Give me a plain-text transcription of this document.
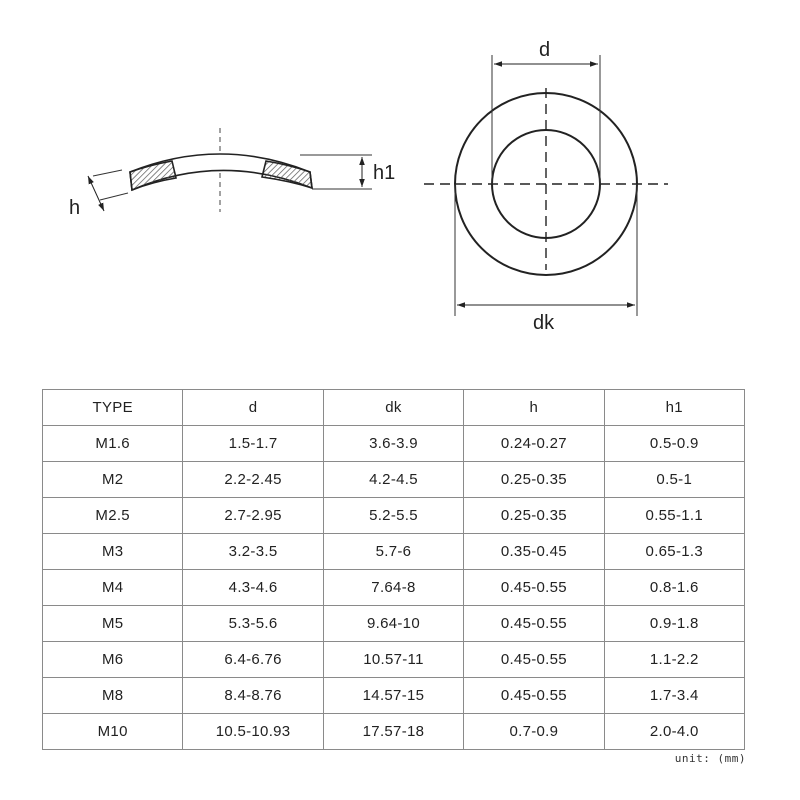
h1
h
d
dk
TYPE	d	dk	h	h1
M1.6	1.5-1.7	3.6-3.9	0.24-0.27	0.5-0.9
M2	2.2-2.45	4.2-4.5	0.25-0.35	0.5-1
M2.5	2.7-2.95	5.2-5.5	0.25-0.35	0.55-1.1
M3	3.2-3.5	5.7-6	0.35-0.45	0.65-1.3
M4	4.3-4.6	7.64-8	0.45-0.55	0.8-1.6
M5	5.3-5.6	9.64-10	0.45-0.55	0.9-1.8
M6	6.4-6.76	10.57-11	0.45-0.55	1.1-2.2
M8	8.4-8.76	14.57-15	0.45-0.55	1.7-3.4
M10	10.5-10.93	17.57-18	0.7-0.9	2.0-4.0
unit: (mm)
